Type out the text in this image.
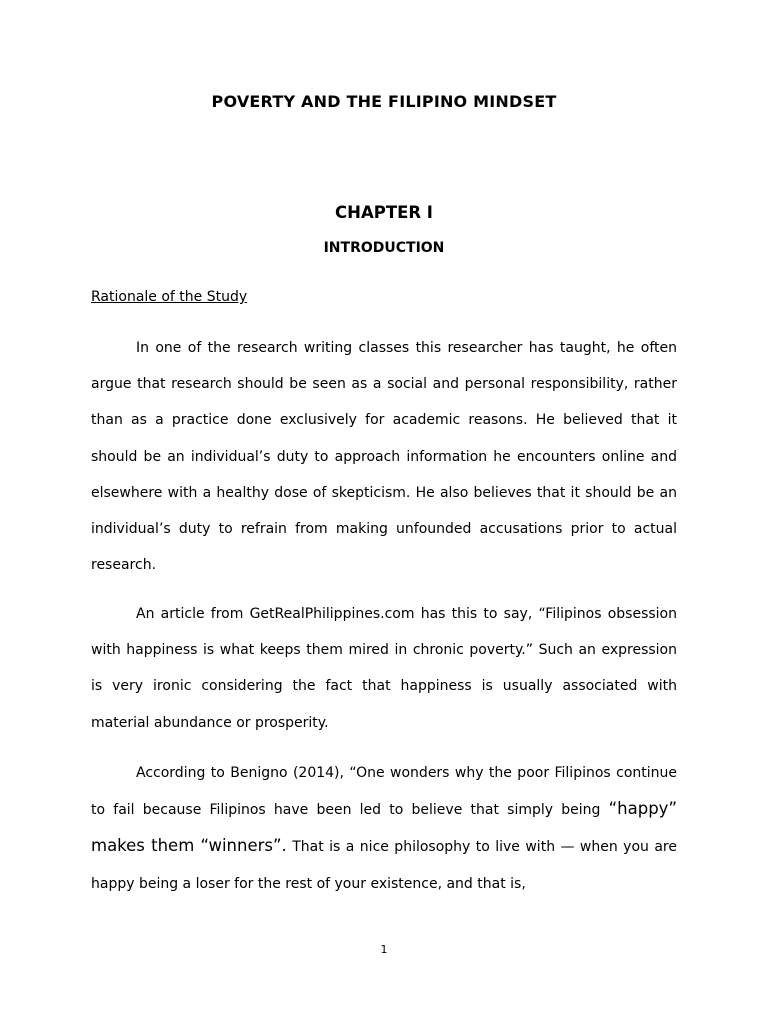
POVERTY AND THE FILIPINO MINDSET
CHAPTER I
INTRODUCTION
Rationale of the Study

In one of the research writing classes this researcher has taught, he often argue that research should be seen as a social and personal responsibility, rather than as a practice done exclusively for academic reasons. He believed that it should be an individual’s duty to approach information he encounters online and elsewhere with a healthy dose of skepticism. He also believes that it should be an individual’s duty to refrain from making unfounded accusations prior to actual research.

An article from GetRealPhilippines.com has this to say, “Filipinos obsession with happiness is what keeps them mired in chronic poverty.” Such an expression is very ironic considering the fact that happiness is usually associated with material abundance or prosperity.

According to Benigno (2014), “One wonders why the poor Filipinos continue to fail because Filipinos have been led to believe that simply being “happy” makes them “winners”. That is a nice philosophy to live with — when you are happy being a loser for the rest of your existence, and that is,

1
